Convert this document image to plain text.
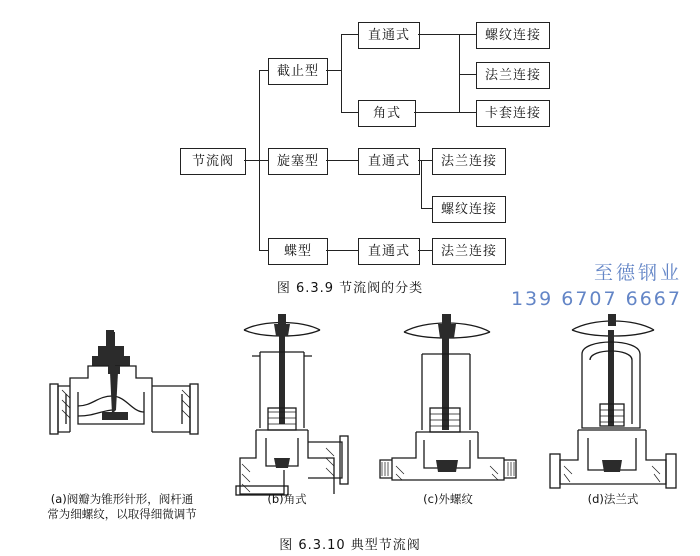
节流阀
截止型
旋塞型
蝶型
直通式
角式
直通式
直通式
螺纹连接
法兰连接
卡套连接
法兰连接
螺纹连接
法兰连接
图 6.3.9 节流阀的分类
至德钢业
139 6707 6667
(a)阀瓣为锥形针形，阀杆通
常为细螺纹，以取得细微调节
(b)角式	(c)外螺纹	(d)法兰式
图 6.3.10 典型节流阀
